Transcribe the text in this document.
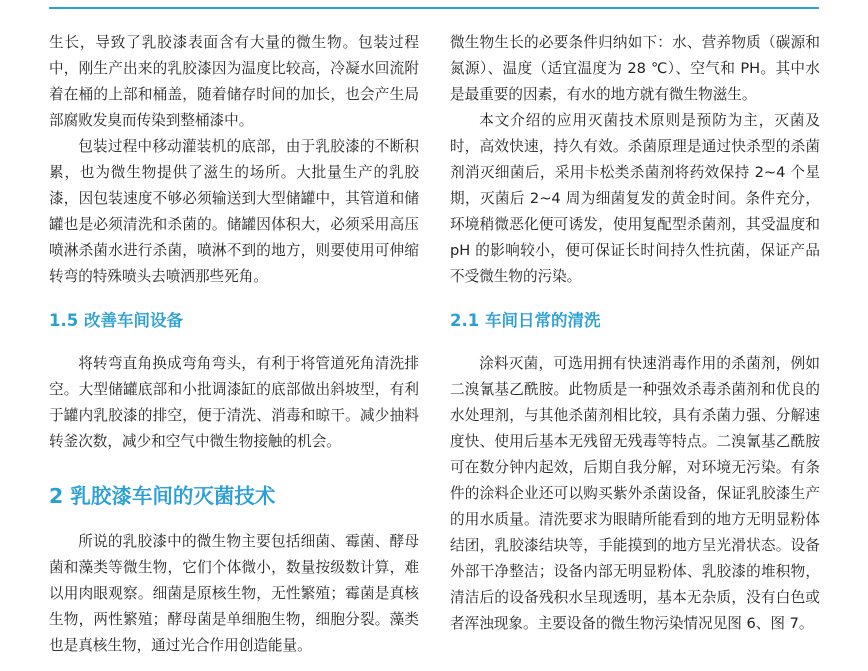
生长，导致了乳胶漆表面含有大量的微生物。包装过程中，刚生产出来的乳胶漆因为温度比较高，冷凝水回流附着在桶的上部和桶盖，随着储存时间的加长，也会产生局部腐败发臭而传染到整桶漆中。

包装过程中移动灌装机的底部，由于乳胶漆的不断积累，也为微生物提供了滋生的场所。大批量生产的乳胶漆，因包装速度不够必须输送到大型储罐中，其管道和储罐也是必须清洗和杀菌的。储罐因体积大，必须采用高压喷淋杀菌水进行杀菌，喷淋不到的地方，则要使用可伸缩转弯的特殊喷头去喷洒那些死角。

1.5 改善车间设备

将转弯直角换成弯角弯头，有利于将管道死角清洗排空。大型储罐底部和小批调漆缸的底部做出斜坡型，有利于罐内乳胶漆的排空，便于清洗、消毒和晾干。减少抽料转釜次数，减少和空气中微生物接触的机会。

2 乳胶漆车间的灭菌技术

所说的乳胶漆中的微生物主要包括细菌、霉菌、酵母菌和藻类等微生物，它们个体微小，数量按级数计算，难以用肉眼观察。细菌是原核生物，无性繁殖；霉菌是真核生物，两性繁殖；酵母菌是单细胞生物，细胞分裂。藻类也是真核生物，通过光合作用创造能量。

微生物生长的必要条件归纳如下：水、营养物质（碳源和氮源）、温度（适宜温度为 28 ℃）、空气和 PH。其中水是最重要的因素，有水的地方就有微生物滋生。

本文介绍的应用灭菌技术原则是预防为主，灭菌及时，高效快速，持久有效。杀菌原理是通过快杀型的杀菌剂消灭细菌后，采用卡松类杀菌剂将药效保持 2~4 个星期，灭菌后 2~4 周为细菌复发的黄金时间。条件充分，环境稍微恶化便可诱发，使用复配型杀菌剂，其受温度和 pH 的影响较小，便可保证长时间持久性抗菌，保证产品不受微生物的污染。

2.1 车间日常的清洗

涂料灭菌，可选用拥有快速消毒作用的杀菌剂，例如二溴氰基乙酰胺。此物质是一种强效杀毒杀菌剂和优良的水处理剂，与其他杀菌剂相比较，具有杀菌力强、分解速度快、使用后基本无残留无残毒等特点。二溴氰基乙酰胺可在数分钟内起效，后期自我分解，对环境无污染。有条件的涂料企业还可以购买紫外杀菌设备，保证乳胶漆生产的用水质量。清洗要求为眼睛所能看到的地方无明显粉体结团，乳胶漆结块等，手能摸到的地方呈光滑状态。设备外部干净整洁；设备内部无明显粉体、乳胶漆的堆积物，清洁后的设备残积水呈现透明，基本无杂质，没有白色或者浑浊现象。主要设备的微生物污染情况见图 6、图 7。
